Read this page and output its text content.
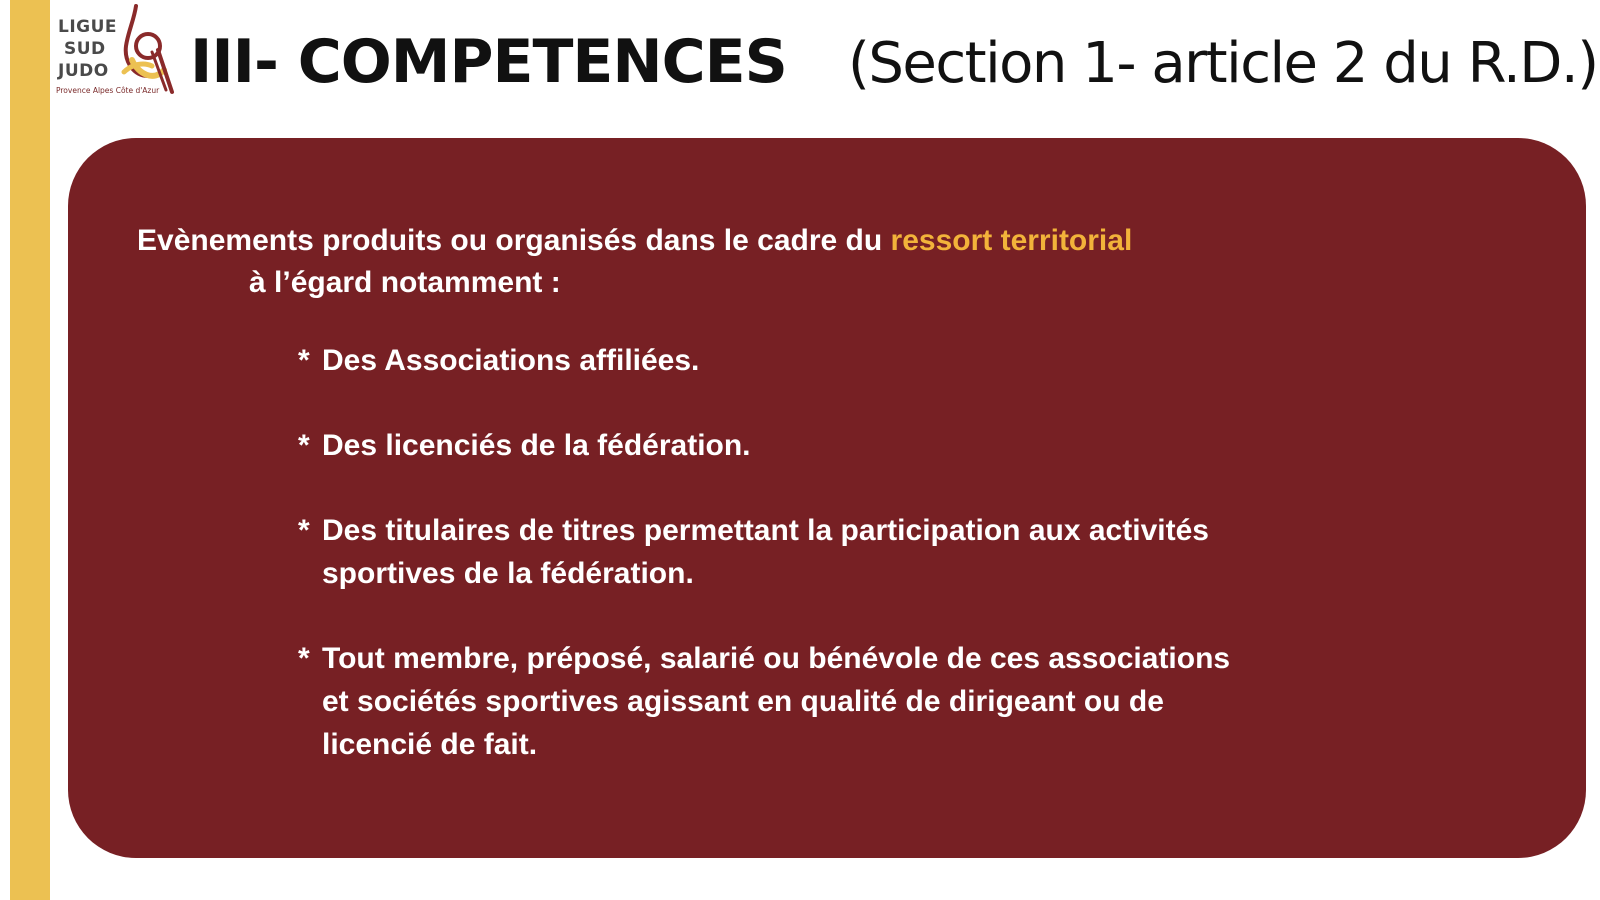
LIGUE
SUD
JUDO
Provence Alpes Côte d'Azur III- COMPETENCES (Section 1- article 2 du R.D.)

Evènements produits ou organisés dans le cadre du ressort territorial
à l’égard notamment :

* Des Associations affiliées.

* Des licenciés de la fédération.

* Des titulaires de titres permettant la participation aux activités
sportives de la fédération.

* Tout membre, préposé, salarié ou bénévole de ces associations
et sociétés sportives agissant en qualité de dirigeant ou de
licencié de fait.
